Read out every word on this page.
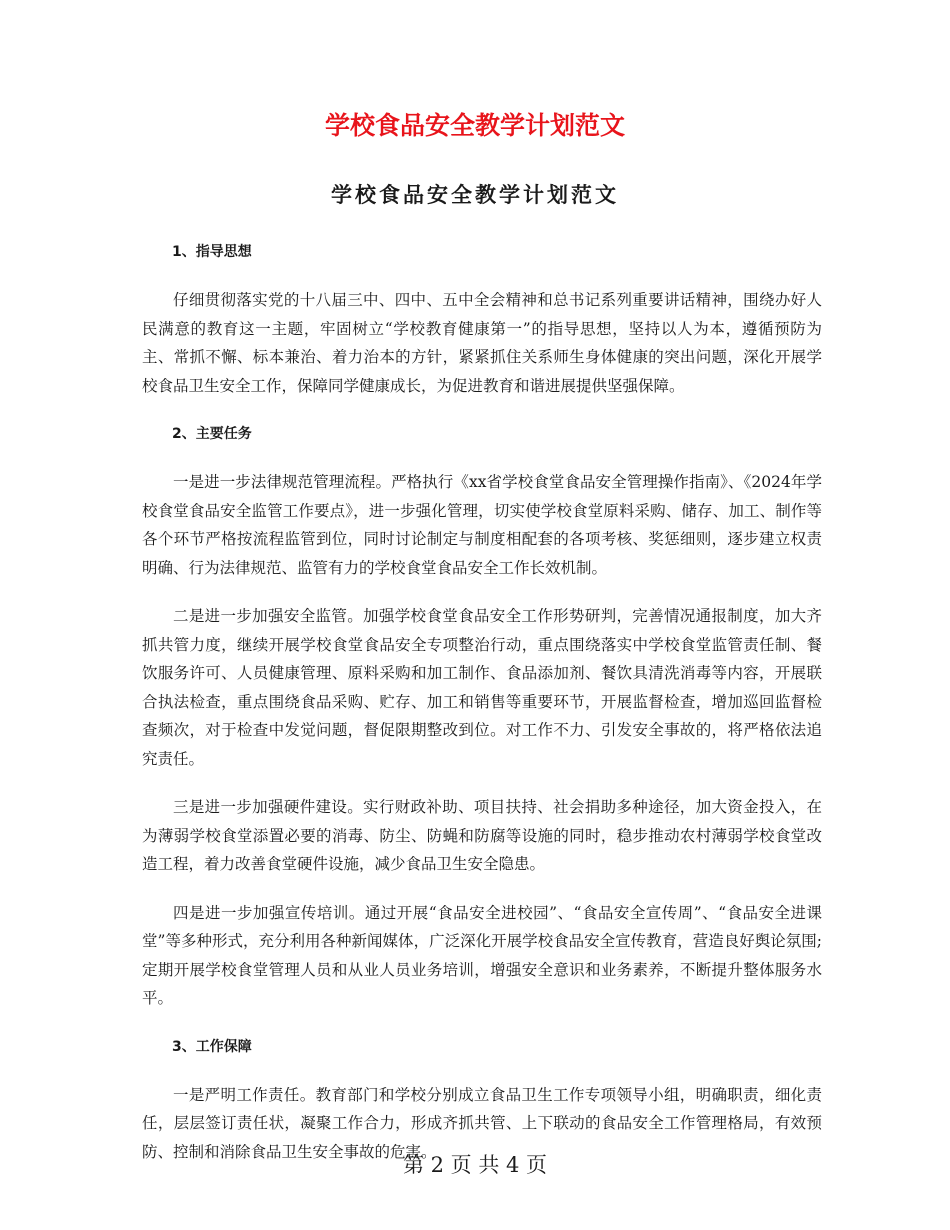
学校食品安全教学计划范文
学校食品安全教学计划范文

1、指导思想

仔细贯彻落实党的十八届三中、四中、五中全会精神和总书记系列重要讲话精神，围绕办好人民满意的教育这一主题，牢固树立“学校教育健康第一”的指导思想，坚持以人为本，遵循预防为主、常抓不懈、标本兼治、着力治本的方针，紧紧抓住关系师生身体健康的突出问题，深化开展学校食品卫生安全工作，保障同学健康成长，为促进教育和谐进展提供坚强保障。

2、主要任务

一是进一步法律规范管理流程。严格执行《xx省学校食堂食品安全管理操作指南》、《2024年学校食堂食品安全监管工作要点》，进一步强化管理，切实使学校食堂原料采购、储存、加工、制作等各个环节严格按流程监管到位，同时讨论制定与制度相配套的各项考核、奖惩细则，逐步建立权责明确、行为法律规范、监管有力的学校食堂食品安全工作长效机制。

二是进一步加强安全监管。加强学校食堂食品安全工作形势研判，完善情况通报制度，加大齐抓共管力度，继续开展学校食堂食品安全专项整治行动，重点围绕落实中学校食堂监管责任制、餐饮服务许可、人员健康管理、原料采购和加工制作、食品添加剂、餐饮具清洗消毒等内容，开展联合执法检查，重点围绕食品采购、贮存、加工和销售等重要环节，开展监督检查，增加巡回监督检查频次，对于检查中发觉问题，督促限期整改到位。对工作不力、引发安全事故的，将严格依法追究责任。

三是进一步加强硬件建设。实行财政补助、项目扶持、社会捐助多种途径，加大资金投入，在为薄弱学校食堂添置必要的消毒、防尘、防蝇和防腐等设施的同时，稳步推动农村薄弱学校食堂改造工程，着力改善食堂硬件设施，减少食品卫生安全隐患。

四是进一步加强宣传培训。通过开展“食品安全进校园”、“食品安全宣传周”、“食品安全进课堂”等多种形式，充分利用各种新闻媒体，广泛深化开展学校食品安全宣传教育，营造良好舆论氛围;定期开展学校食堂管理人员和从业人员业务培训，增强安全意识和业务素养，不断提升整体服务水平。

3、工作保障

一是严明工作责任。教育部门和学校分别成立食品卫生工作专项领导小组，明确职责，细化责任，层层签订责任状，凝聚工作合力，形成齐抓共管、上下联动的食品安全工作管理格局，有效预防、控制和消除食品卫生安全事故的危害。

第 2 页 共 4 页
